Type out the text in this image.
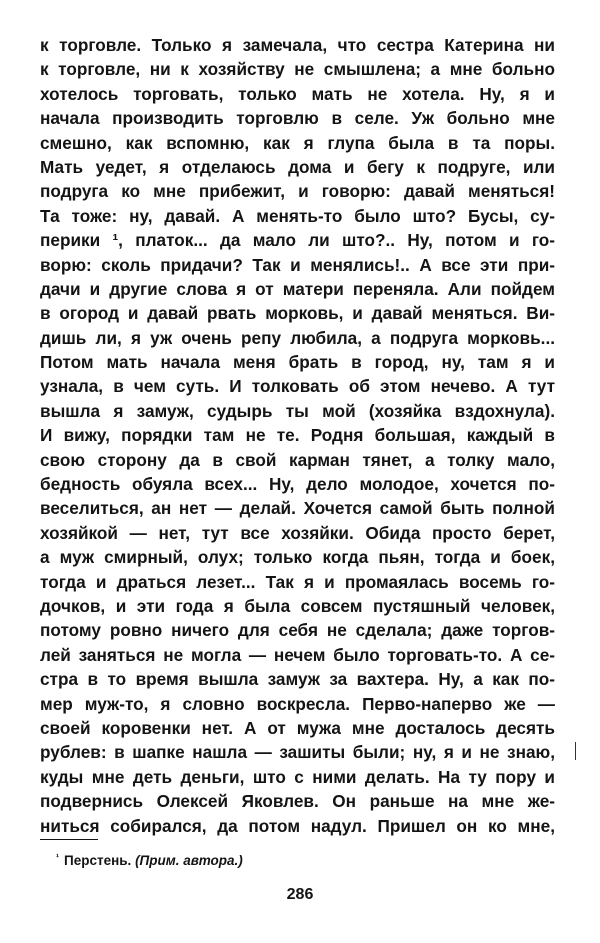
к торговле. Только я замечала, что сестра Катерина ни
к торговле, ни к хозяйству не смышлена; а мне больно
хотелось торговать, только мать не хотела. Ну, я и
начала производить торговлю в селе. Уж больно мне
смешно, как вспомню, как я глупа была в та поры.
Мать уедет, я отделаюсь дома и бегу к подруге, или
подруга ко мне прибежит, и говорю: давай меняться!
Та тоже: ну, давай. А менять-то было што? Бусы, су-
перики ¹, платок... да мало ли што?.. Ну, потом и го-
ворю: сколь придачи? Так и менялись!.. А все эти при-
дачи и другие слова я от матери переняла. Али пойдем
в огород и давай рвать морковь, и давай меняться. Ви-
дишь ли, я уж очень репу любила, а подруга морковь...
Потом мать начала меня брать в город, ну, там я и
узнала, в чем суть. И толковать об этом нечево. А тут
вышла я замуж, судырь ты мой (хозяйка вздохнула).
И вижу, порядки там не те. Родня большая, каждый в
свою сторону да в свой карман тянет, а толку мало,
бедность обуяла всех... Ну, дело молодое, хочется по-
веселиться, ан нет — делай. Хочется самой быть полной
хозяйкой — нет, тут все хозяйки. Обида просто берет,
а муж смирный, олух; только когда пьян, тогда и боек,
тогда и драться лезет... Так я и промаялась восемь го-
дочков, и эти года я была совсем пустяшный человек,
потому ровно ничего для себя не сделала; даже торгов-
лей заняться не могла — нечем было торговать-то. А се-
стра в то время вышла замуж за вахтера. Ну, а как по-
мер муж-то, я словно воскресла. Перво-наперво же —
своей коровенки нет. А от мужа мне досталось десять
рублев: в шапке нашла — зашиты были; ну, я и не знаю,
куды мне деть деньги, што с ними делать. На ту пору и
подвернись Олексей Яковлев. Он раньше на мне же-
ниться собирался, да потом надул. Пришел он ко мне,
$^{^1}$ Перстень. (Прим. автора.)
286
